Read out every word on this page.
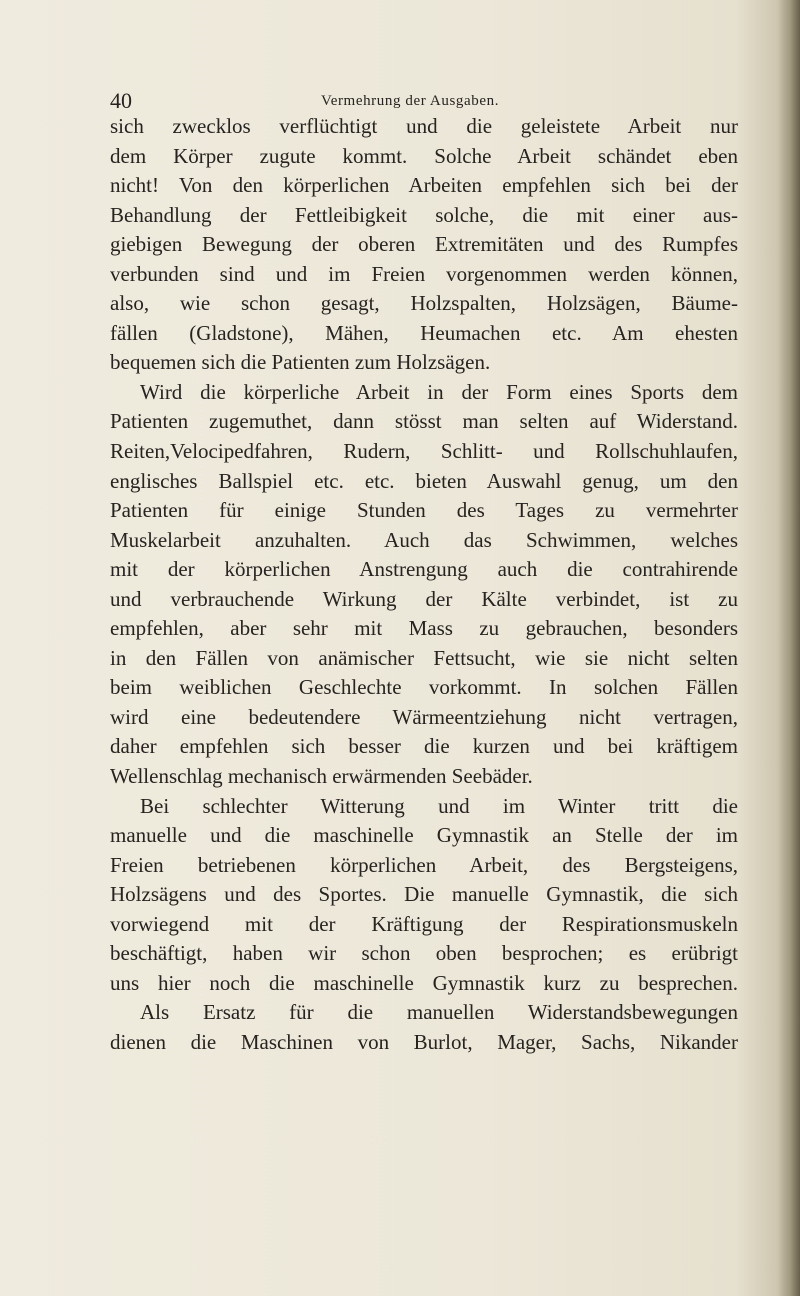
40	Vermehrung der Ausgaben.
sich zwecklos verflüchtigt und die geleistete Arbeit nur
dem Körper zugute kommt. Solche Arbeit schändet eben
nicht! Von den körperlichen Arbeiten empfehlen sich bei der
Behandlung der Fettleibigkeit solche, die mit einer aus-
giebigen Bewegung der oberen Extremitäten und des Rumpfes
verbunden sind und im Freien vorgenommen werden können,
also, wie schon gesagt, Holzspalten, Holzsägen, Bäume-
fällen (Gladstone), Mähen, Heumachen etc. Am ehesten
bequemen sich die Patienten zum Holzsägen.
Wird die körperliche Arbeit in der Form eines Sports dem
Patienten zugemuthet, dann stösst man selten auf Widerstand.
Reiten,Velocipedfahren, Rudern, Schlitt- und Rollschuhlaufen,
englisches Ballspiel etc. etc. bieten Auswahl genug, um den
Patienten für einige Stunden des Tages zu vermehrter
Muskelarbeit anzuhalten. Auch das Schwimmen, welches
mit der körperlichen Anstrengung auch die contrahirende
und verbrauchende Wirkung der Kälte verbindet, ist zu
empfehlen, aber sehr mit Mass zu gebrauchen, besonders
in den Fällen von anämischer Fettsucht, wie sie nicht selten
beim weiblichen Geschlechte vorkommt. In solchen Fällen
wird eine bedeutendere Wärmeentziehung nicht vertragen,
daher empfehlen sich besser die kurzen und bei kräftigem
Wellenschlag mechanisch erwärmenden Seebäder.
Bei schlechter Witterung und im Winter tritt die
manuelle und die maschinelle Gymnastik an Stelle der im
Freien betriebenen körperlichen Arbeit, des Bergsteigens,
Holzsägens und des Sportes. Die manuelle Gymnastik, die sich
vorwiegend mit der Kräftigung der Respirationsmuskeln
beschäftigt, haben wir schon oben besprochen; es erübrigt
uns hier noch die maschinelle Gymnastik kurz zu besprechen.
Als Ersatz für die manuellen Widerstandsbewegungen
dienen die Maschinen von Burlot, Mager, Sachs, Nikander
